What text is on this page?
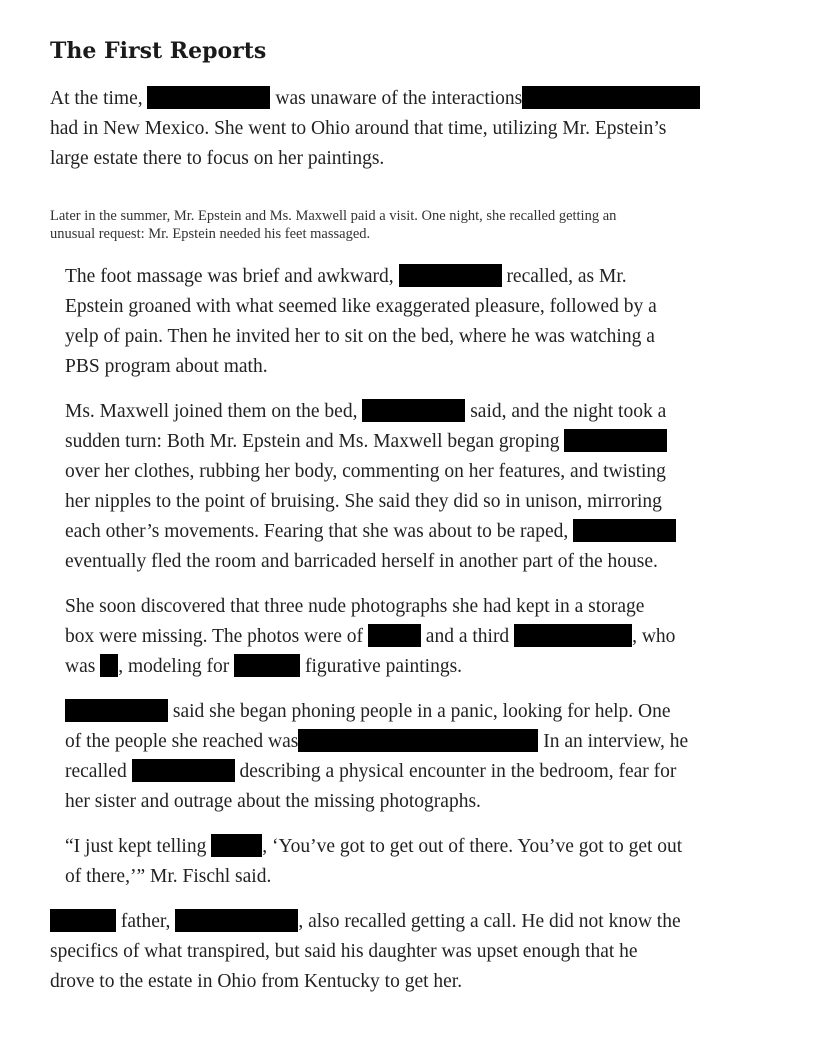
The First Reports
At the time,	was unaware of the interactions
had in New Mexico. She went to Ohio around that time, utilizing Mr. Epstein’s
large estate there to focus on her paintings.
Later in the summer, Mr. Epstein and Ms. Maxwell paid a visit. One night, she recalled getting an
unusual request: Mr. Epstein needed his feet massaged.
The foot massage was brief and awkward,	recalled, as Mr.
Epstein groaned with what seemed like exaggerated pleasure, followed by a
yelp of pain. Then he invited her to sit on the bed, where he was watching a
PBS program about math.
Ms. Maxwell joined them on the bed,	said, and the night took a
sudden turn: Both Mr. Epstein and Ms. Maxwell began groping
over her clothes, rubbing her body, commenting on her features, and twisting
her nipples to the point of bruising. She said they did so in unison, mirroring
each other’s movements. Fearing that she was about to be raped,
eventually fled the room and barricaded herself in another part of the house.
She soon discovered that three nude photographs she had kept in a storage
box were missing. The photos were of	and a third	, who
was , modeling for	figurative paintings.
said she began phoning people in a panic, looking for help. One
of the people she reached was	In an interview, he
recalled	describing a physical encounter in the bedroom, fear for
her sister and outrage about the missing photographs.
“I just kept telling	, ‘You’ve got to get out of there. You’ve got to get out
of there,’” Mr. Fischl said.
father,	, also recalled getting a call. He did not know the
specifics of what transpired, but said his daughter was upset enough that he
drove to the estate in Ohio from Kentucky to get her.
